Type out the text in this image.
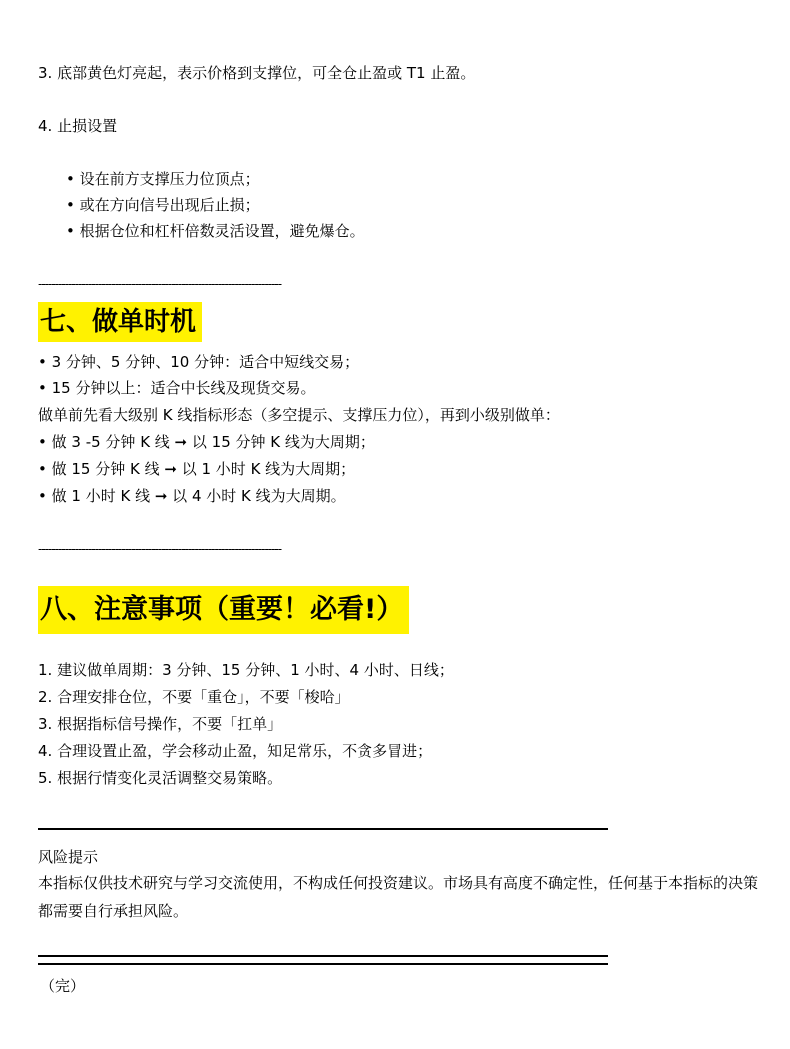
3. 底部黄色灯亮起，表示价格到支撑位，可全仓止盈或 T1 止盈。
4. 止损设置
• 设在前方支撑压力位顶点；
• 或在方向信号出现后止损；
• 根据仓位和杠杆倍数灵活设置，避免爆仓。
-------------------------------------------------------------------------
七、做单时机
• 3 分钟、5 分钟、10 分钟：适合中短线交易；
• 15 分钟以上：适合中长线及现货交易。
做单前先看大级别 K 线指标形态（多空提示、支撑压力位），再到小级别做单：
• 做 3 -5 分钟 K 线 ➞ 以 15 分钟 K 线为大周期；
• 做 15 分钟 K 线 ➞ 以 1 小时 K 线为大周期；
• 做 1 小时 K 线 ➞ 以 4 小时 K 线为大周期。
-------------------------------------------------------------------------
八、注意事项（重要！必看!）
1. 建议做单周期：3 分钟、15 分钟、1 小时、4 小时、日线；
2. 合理安排仓位，不要「重仓」，不要「梭哈」
3. 根据指标信号操作，不要「扛单」
4. 合理设置止盈，学会移动止盈，知足常乐，不贪多冒进；
5. 根据行情变化灵活调整交易策略。
风险提示
本指标仅供技术研究与学习交流使用，不构成任何投资建议。市场具有高度不确定性，任何基于本指标的决策都需要自行承担风险。
（完）
